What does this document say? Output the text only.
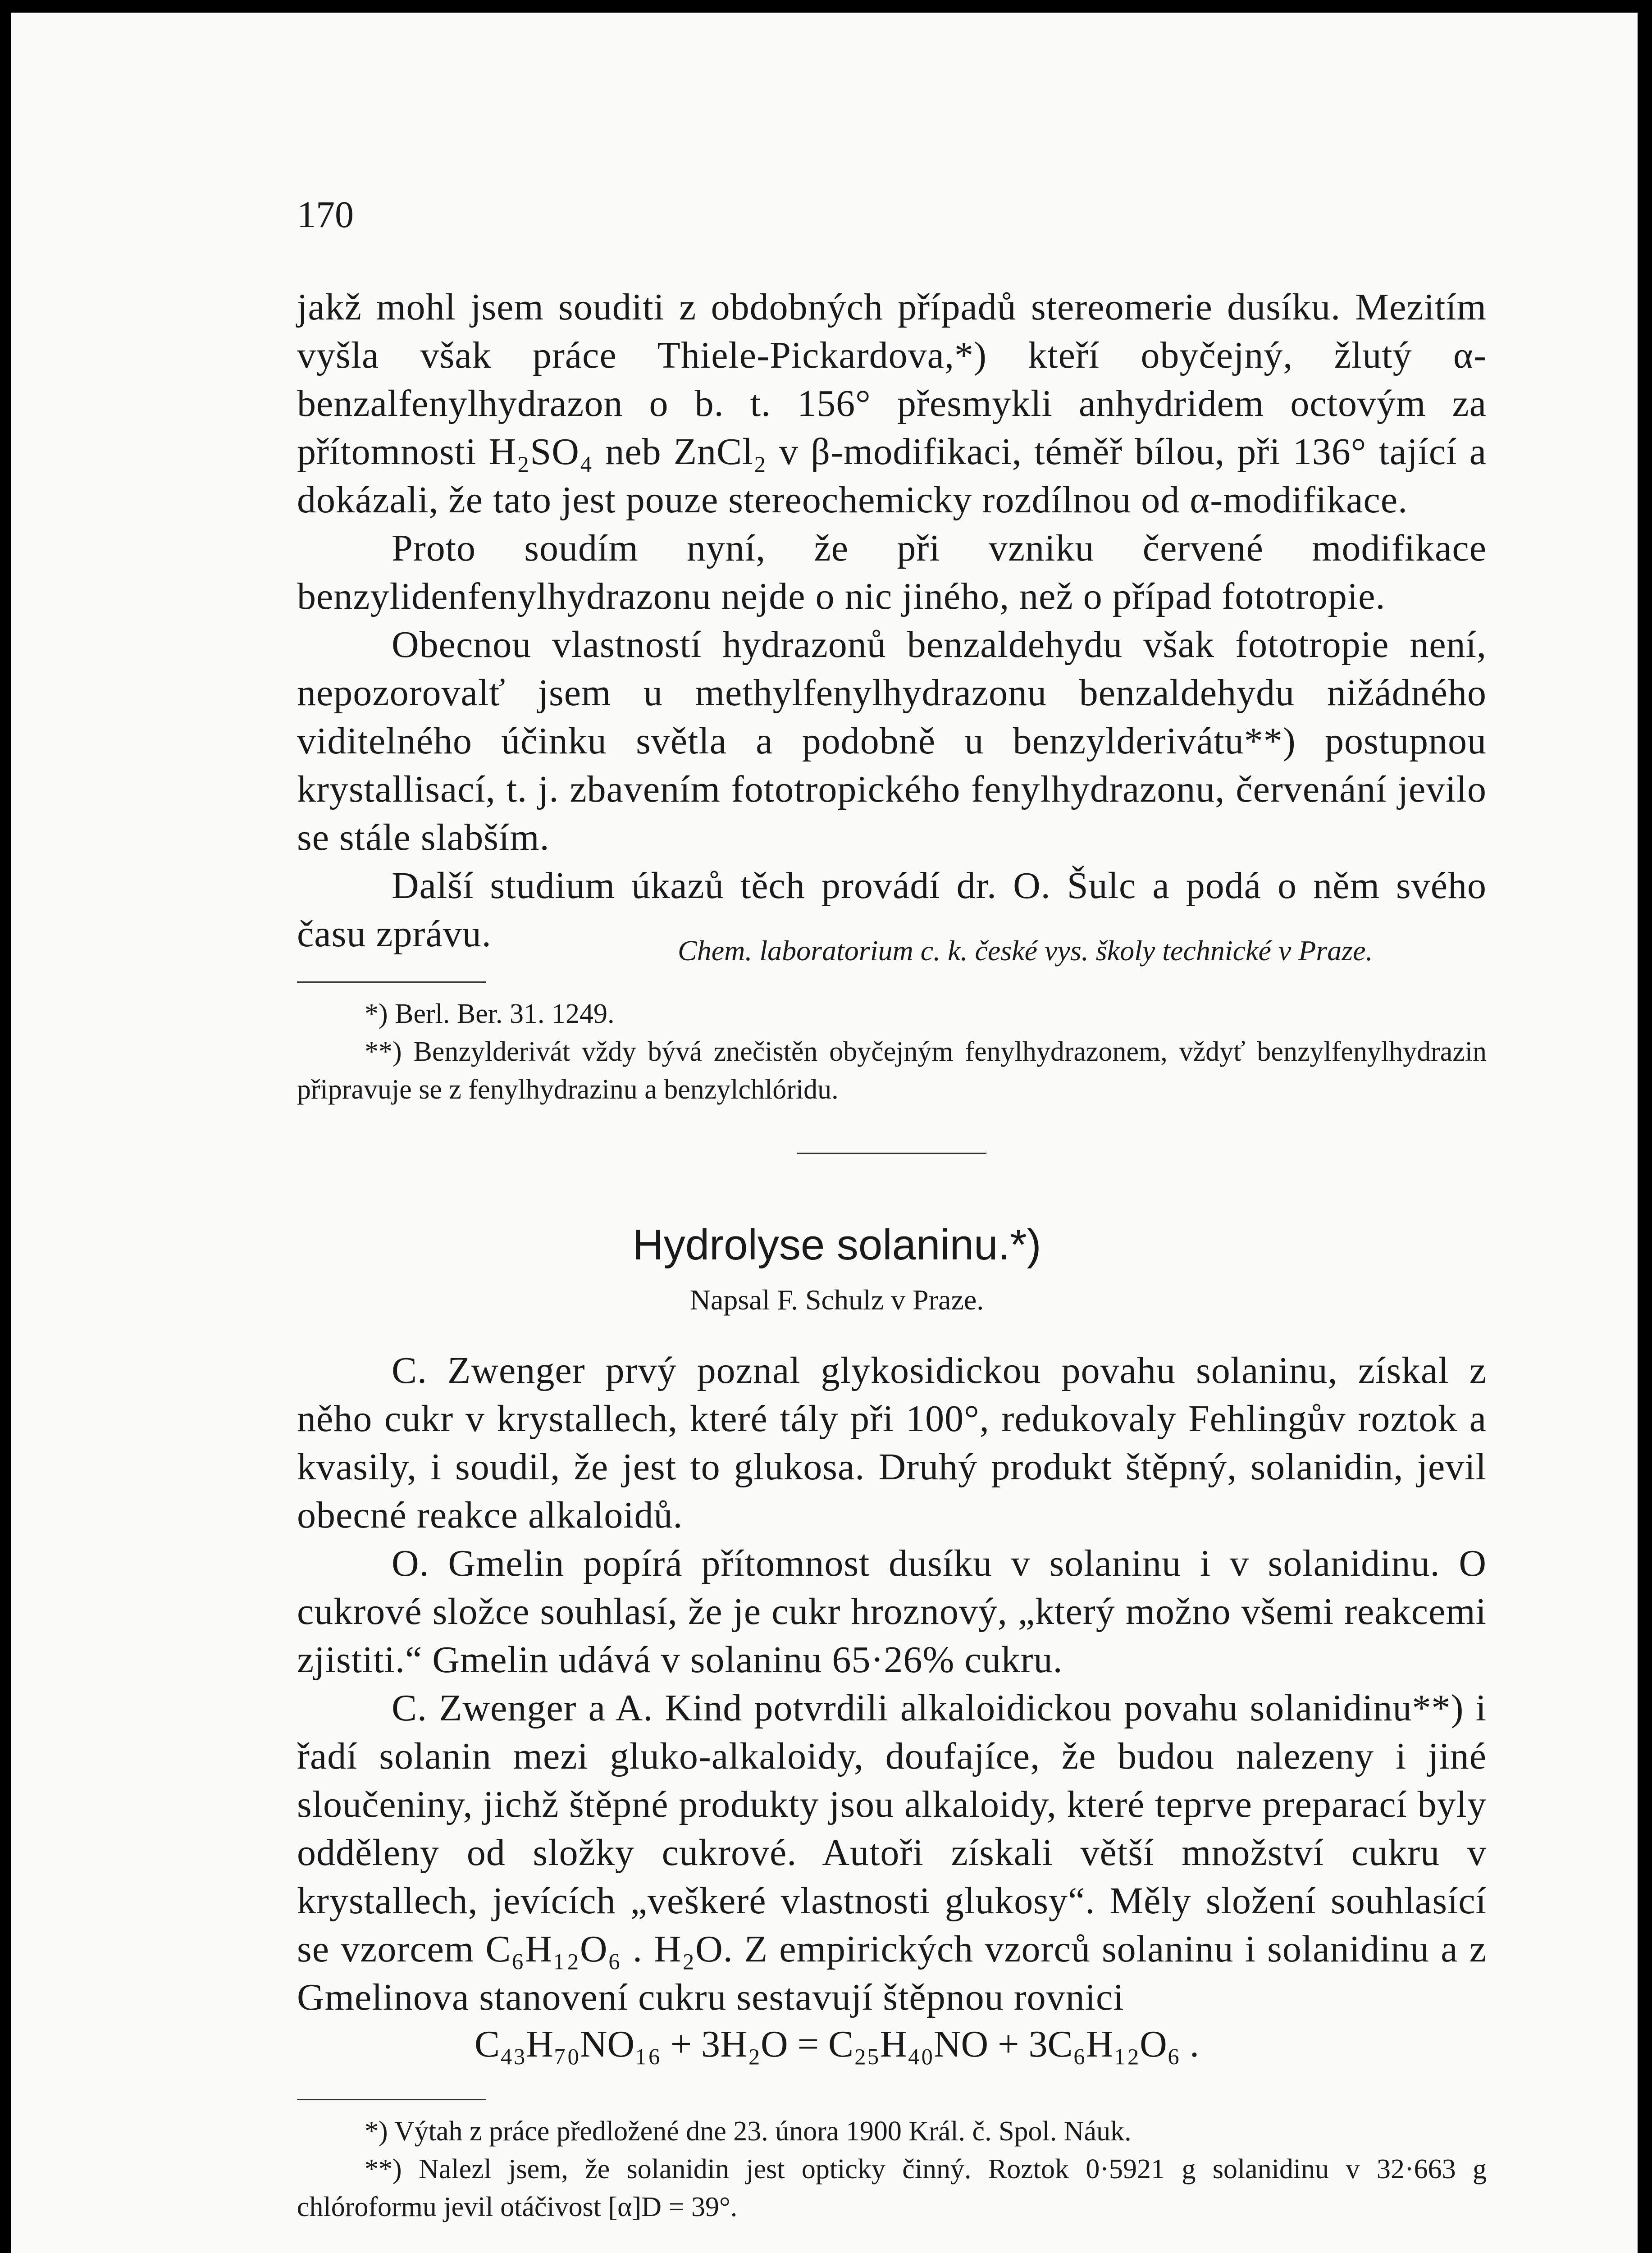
170

jakž mohl jsem souditi z obdobných případů stereomerie dusíku. Mezitím vyšla však práce Thiele-Pickardova,*) kteří obyčejný, žlutý α-benzalfenylhydrazon o b. t. 156° přesmykli anhydridem octovým za přítomnosti H₂SO₄ neb ZnCl₂ v β-modifikaci, téměř bílou, při 136° tající a dokázali, že tato jest pouze stereochemicky rozdílnou od α-modifikace.

Proto soudím nyní, že při vzniku červené modifikace benzylidenfenylhydrazonu nejde o nic jiného, než o případ fototropie.

Obecnou vlastností hydrazonů benzaldehydu však fototropie není, nepozorovalť jsem u methylfenylhydrazonu benzaldehydu nižádného viditelného účinku světla a podobně u benzylderivátu**) postupnou krystallisací, t. j. zbavením fototropického fenylhydrazonu, červenání jevilo se stále slabším.

Další studium úkazů těch provádí dr. O. Šulc a podá o něm svého času zprávu.	Chem. laboratorium c. k. české vys. školy technické v Praze.

*) Berl. Ber. 31. 1249.

**) Benzylderivát vždy bývá znečistěn obyčejným fenylhydrazonem, vždyť benzylfenylhydrazin připravuje se z fenylhydrazinu a benzylchlóridu.

Hydrolyse solaninu.*)
Napsal F. Schulz v Praze.

C. Zwenger prvý poznal glykosidickou povahu solaninu, získal z něho cukr v krystallech, které tály při 100°, redukovaly Fehlingův roztok a kvasily, i soudil, že jest to glukosa. Druhý produkt štěpný, solanidin, jevil obecné reakce alkaloidů.

O. Gmelin popírá přítomnost dusíku v solaninu i v solanidinu. O cukrové složce souhlasí, že je cukr hroznový, „který možno všemi reakcemi zjistiti.“ Gmelin udává v solaninu 65·26% cukru.

C. Zwenger a A. Kind potvrdili alkaloidickou povahu solanidinu**) i řadí solanin mezi gluko-alkaloidy, doufajíce, že budou nalezeny i jiné sloučeniny, jichž štěpné produkty jsou alkaloidy, které teprve preparací byly odděleny od složky cukrové. Autoři získali větší množství cukru v krystallech, jevících „veškeré vlastnosti glukosy“. Měly složení souhlasící se vzorcem C₆H₁₂O₆ . H₂O. Z empirických vzorců solaninu i solanidinu a z Gmelinova stanovení cukru sestavují štěpnou rovnici

C₄₃H₇₀NO₁₆ + 3H₂O = C₂₅H₄₀NO + 3C₆H₁₂O₆ .

*) Výtah z práce předložené dne 23. února 1900 Král. č. Spol. Náuk.

**) Nalezl jsem, že solanidin jest opticky činný. Roztok 0·5921 g solanidinu v 32·663 g chlóroformu jevil otáčivost [α]D = 39°.
